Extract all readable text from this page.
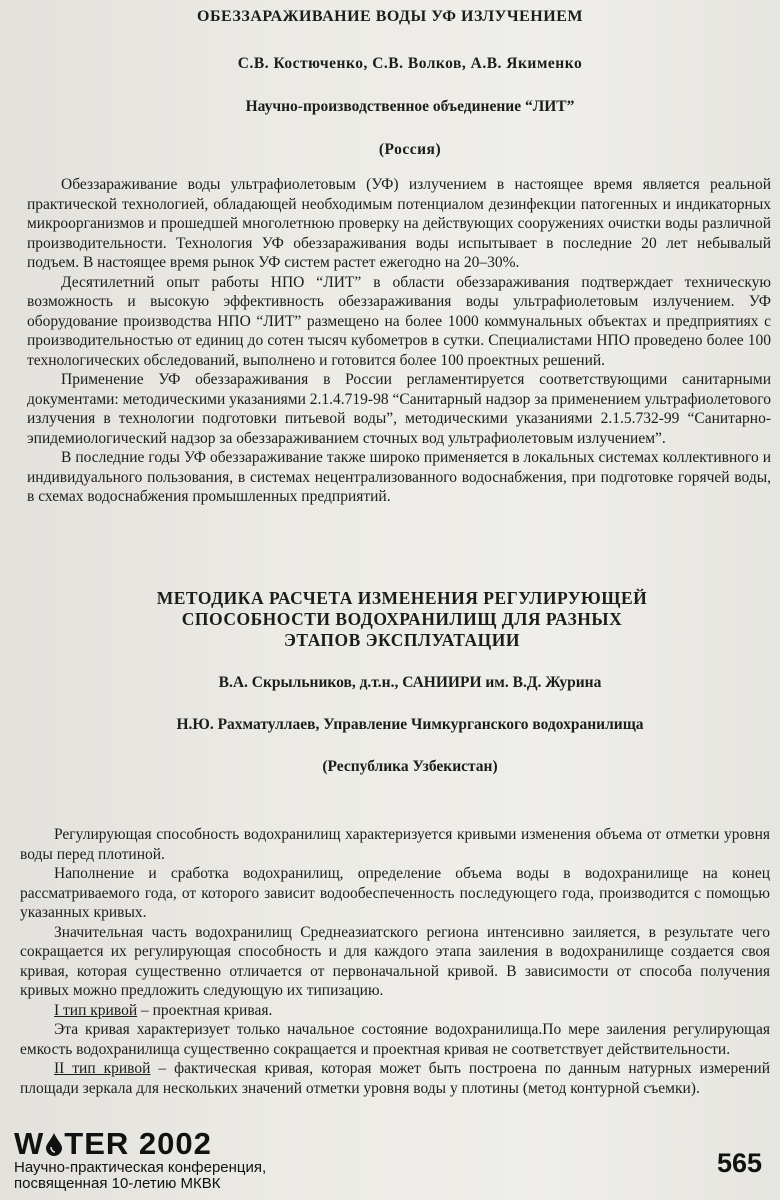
ОБЕЗЗАРАЖИВАНИЕ ВОДЫ УФ ИЗЛУЧЕНИЕМ
С.В. Костюченко, С.В. Волков, А.В. Якименко
Научно-производственное объединение “ЛИТ”
(Россия)

Обеззараживание воды ультрафиолетовым (УФ) излучением в настоящее время является реальной практической технологией, обладающей необходимым потенциалом дезинфекции патогенных и индикаторных микроорганизмов и прошедшей многолетнюю проверку на действующих сооружениях очистки воды различной производительности. Технология УФ обеззараживания воды испытывает в последние 20 лет небывалый подъем. В настоящее время рынок УФ систем растет ежегодно на 20–30%.

Десятилетний опыт работы НПО “ЛИТ” в области обеззараживания подтверждает техническую возможность и высокую эффективность обеззараживания воды ультрафиолетовым излучением. УФ оборудование производства НПО “ЛИТ” размещено на более 1000 коммунальных объектах и предприятиях с производительностью от единиц до сотен тысяч кубометров в сутки. Специалистами НПО проведено более 100 технологических обследований, выполнено и готовится более 100 проектных решений.

Применение УФ обеззараживания в России регламентируется соответствующими санитарными документами: методическими указаниями 2.1.4.719-98 “Санитарный надзор за применением ультрафиолетового излучения в технологии подготовки питьевой воды”, методическими указаниями 2.1.5.732-99 “Санитарно-эпидемиологический надзор за обеззараживанием сточных вод ультрафиолетовым излучением”.

В последние годы УФ обеззараживание также широко применяется в локальных системах коллективного и индивидуального пользования, в системах нецентрализованного водоснабжения, при подготовке горячей воды, в схемах водоснабжения промышленных предприятий.

МЕТОДИКА РАСЧЕТА ИЗМЕНЕНИЯ РЕГУЛИРУЮЩЕЙ
СПОСОБНОСТИ ВОДОХРАНИЛИЩ ДЛЯ РАЗНЫХ
ЭТАПОВ ЭКСПЛУАТАЦИИ
В.А. Скрыльников, д.т.н., САНИИРИ им. В.Д. Журина
Н.Ю. Рахматуллаев, Управление Чимкурганского водохранилища
(Республика Узбекистан)

Регулирующая способность водохранилищ характеризуется кривыми изменения объема от отметки уровня воды перед плотиной.

Наполнение и сработка водохранилищ, определение объема воды в водохранилище на конец рассматриваемого года, от которого зависит водообеспеченность последующего года, производится с помощью указанных кривых.

Значительная часть водохранилищ Среднеазиатского региона интенсивно заиляется, в результате чего сокращается их регулирующая способность и для каждого этапа заиления в водохранилище создается своя кривая, которая существенно отличается от первоначальной кривой. В зависимости от способа получения кривых можно предложить следующую их типизацию.

I тип кривой – проектная кривая.

Эта кривая характеризует только начальное состояние водохранилища.По мере заиления регулирующая емкость водохранилища существенно сокращается и проектная кривая не соответствует действительности.

II тип кривой – фактическая кривая, которая может быть построена по данным натурных измерений площади зеркала для нескольких значений отметки уровня воды у плотины (метод контурной съемки).

W TER 2002
Научно-практическая конференция,
посвященная 10-летию МКВК
565
